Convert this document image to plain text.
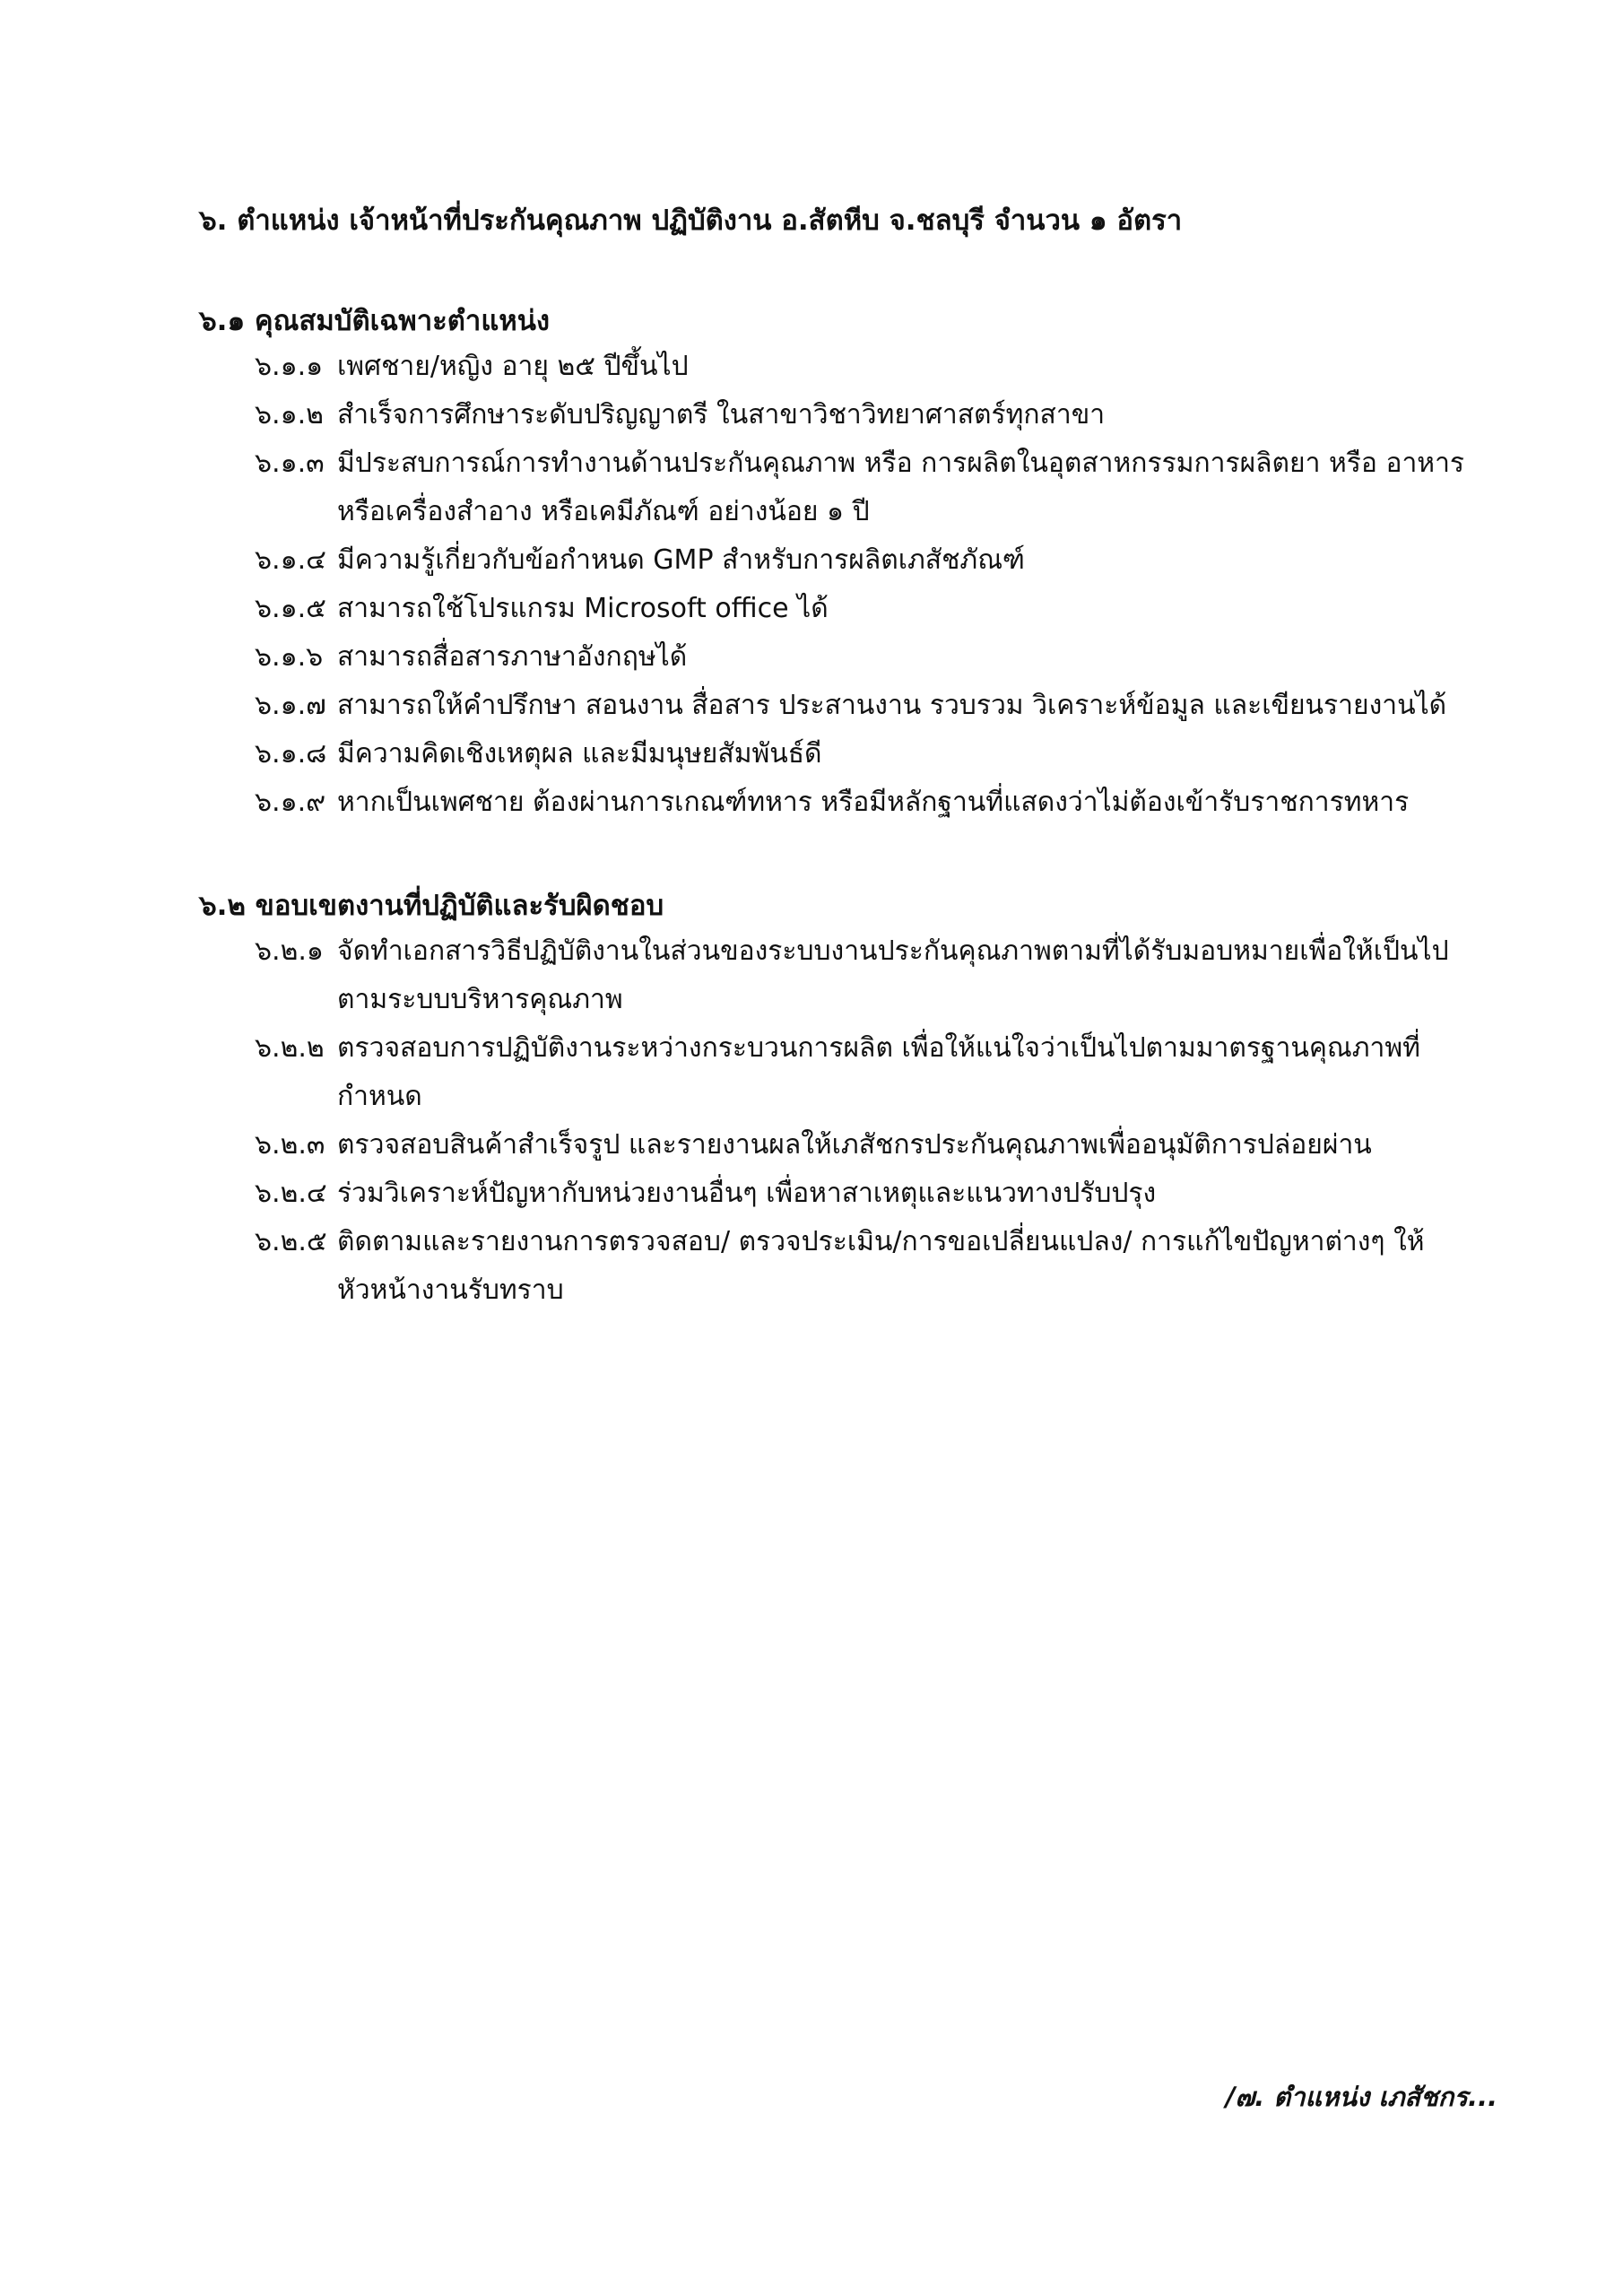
๖. ตำแหน่ง เจ้าหน้าที่ประกันคุณภาพ ปฏิบัติงาน อ.สัตหีบ จ.ชลบุรี จำนวน ๑ อัตรา
๖.๑ คุณสมบัติเฉพาะตำแหน่ง
๖.๑.๑ เพศชาย/หญิง อายุ ๒๕ ปีขึ้นไป
๖.๑.๒ สำเร็จการศึกษาระดับปริญญาตรี ในสาขาวิชาวิทยาศาสตร์ทุกสาขา
๖.๑.๓ มีประสบการณ์การทำงานด้านประกันคุณภาพ หรือ การผลิตในอุตสาหกรรมการผลิตยา หรือ อาหาร
หรือเครื่องสำอาง หรือเคมีภัณฑ์ อย่างน้อย ๑ ปี
๖.๑.๔ มีความรู้เกี่ยวกับข้อกำหนด GMP สำหรับการผลิตเภสัชภัณฑ์
๖.๑.๕ สามารถใช้โปรแกรม Microsoft office ได้
๖.๑.๖ สามารถสื่อสารภาษาอังกฤษได้
๖.๑.๗ สามารถให้คำปรึกษา สอนงาน สื่อสาร ประสานงาน รวบรวม วิเคราะห์ข้อมูล และเขียนรายงานได้
๖.๑.๘ มีความคิดเชิงเหตุผล และมีมนุษยสัมพันธ์ดี
๖.๑.๙ หากเป็นเพศชาย ต้องผ่านการเกณฑ์ทหาร หรือมีหลักฐานที่แสดงว่าไม่ต้องเข้ารับราชการทหาร
๖.๒ ขอบเขตงานที่ปฏิบัติและรับผิดชอบ
๖.๒.๑ จัดทำเอกสารวิธีปฏิบัติงานในส่วนของระบบงานประกันคุณภาพตามที่ได้รับมอบหมายเพื่อให้เป็นไป
ตามระบบบริหารคุณภาพ
๖.๒.๒ ตรวจสอบการปฏิบัติงานระหว่างกระบวนการผลิต เพื่อให้แน่ใจว่าเป็นไปตามมาตรฐานคุณภาพที่
กำหนด
๖.๒.๓ ตรวจสอบสินค้าสำเร็จรูป และรายงานผลให้เภสัชกรประกันคุณภาพเพื่ออนุมัติการปล่อยผ่าน
๖.๒.๔ ร่วมวิเคราะห์ปัญหากับหน่วยงานอื่นๆ เพื่อหาสาเหตุและแนวทางปรับปรุง
๖.๒.๕ ติดตามและรายงานการตรวจสอบ/ ตรวจประเมิน/การขอเปลี่ยนแปลง/ การแก้ไขปัญหาต่างๆ ให้
หัวหน้างานรับทราบ
/๗. ตำแหน่ง เภสัชกร...
